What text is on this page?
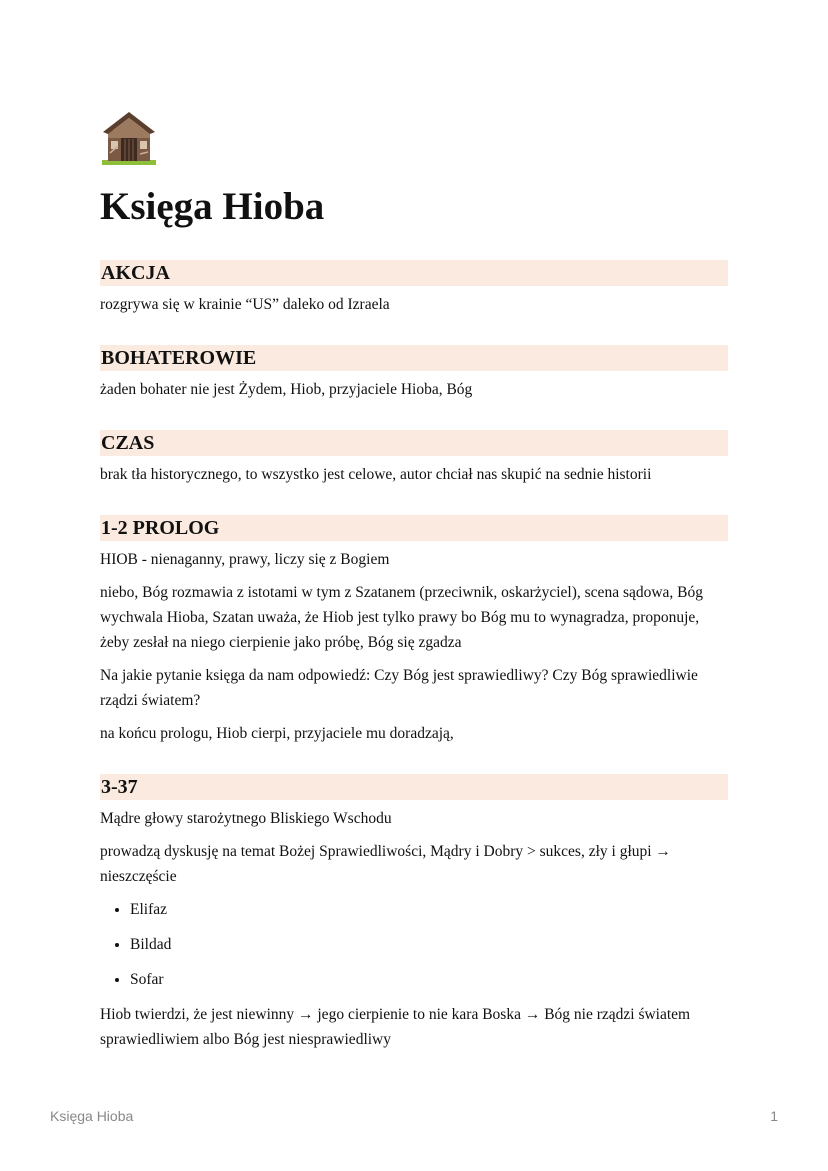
Księga Hioba
AKCJA

rozgrywa się w krainie “US” daleko od Izraela

BOHATEROWIE

żaden bohater nie jest Żydem, Hiob, przyjaciele Hioba, Bóg

CZAS

brak tła historycznego, to wszystko jest celowe, autor chciał nas skupić na sednie historii

1-2 PROLOG

HIOB - nienaganny, prawy, liczy się z Bogiem

niebo, Bóg rozmawia z istotami w tym z Szatanem (przeciwnik, oskarżyciel), scena sądowa, Bóg wychwala Hioba, Szatan uważa, że Hiob jest tylko prawy bo Bóg mu to wynagradza, proponuje, żeby zesłał na niego cierpienie jako próbę, Bóg się zgadza

Na jakie pytanie księga da nam odpowiedź: Czy Bóg jest sprawiedliwy? Czy Bóg sprawiedliwie rządzi światem?

na końcu prologu, Hiob cierpi, przyjaciele mu doradzają,

3-37

Mądre głowy starożytnego Bliskiego Wschodu

prowadzą dyskusję na temat Bożej Sprawiedliwości, Mądry i Dobry > sukces, zły i głupi → nieszczęście

• Elifaz
• Bildad
• Sofar

Hiob twierdzi, że jest niewinny → jego cierpienie to nie kara Boska → Bóg nie rządzi światem sprawiedliwiem albo Bóg jest niesprawiedliwy

Księga Hioba	1
